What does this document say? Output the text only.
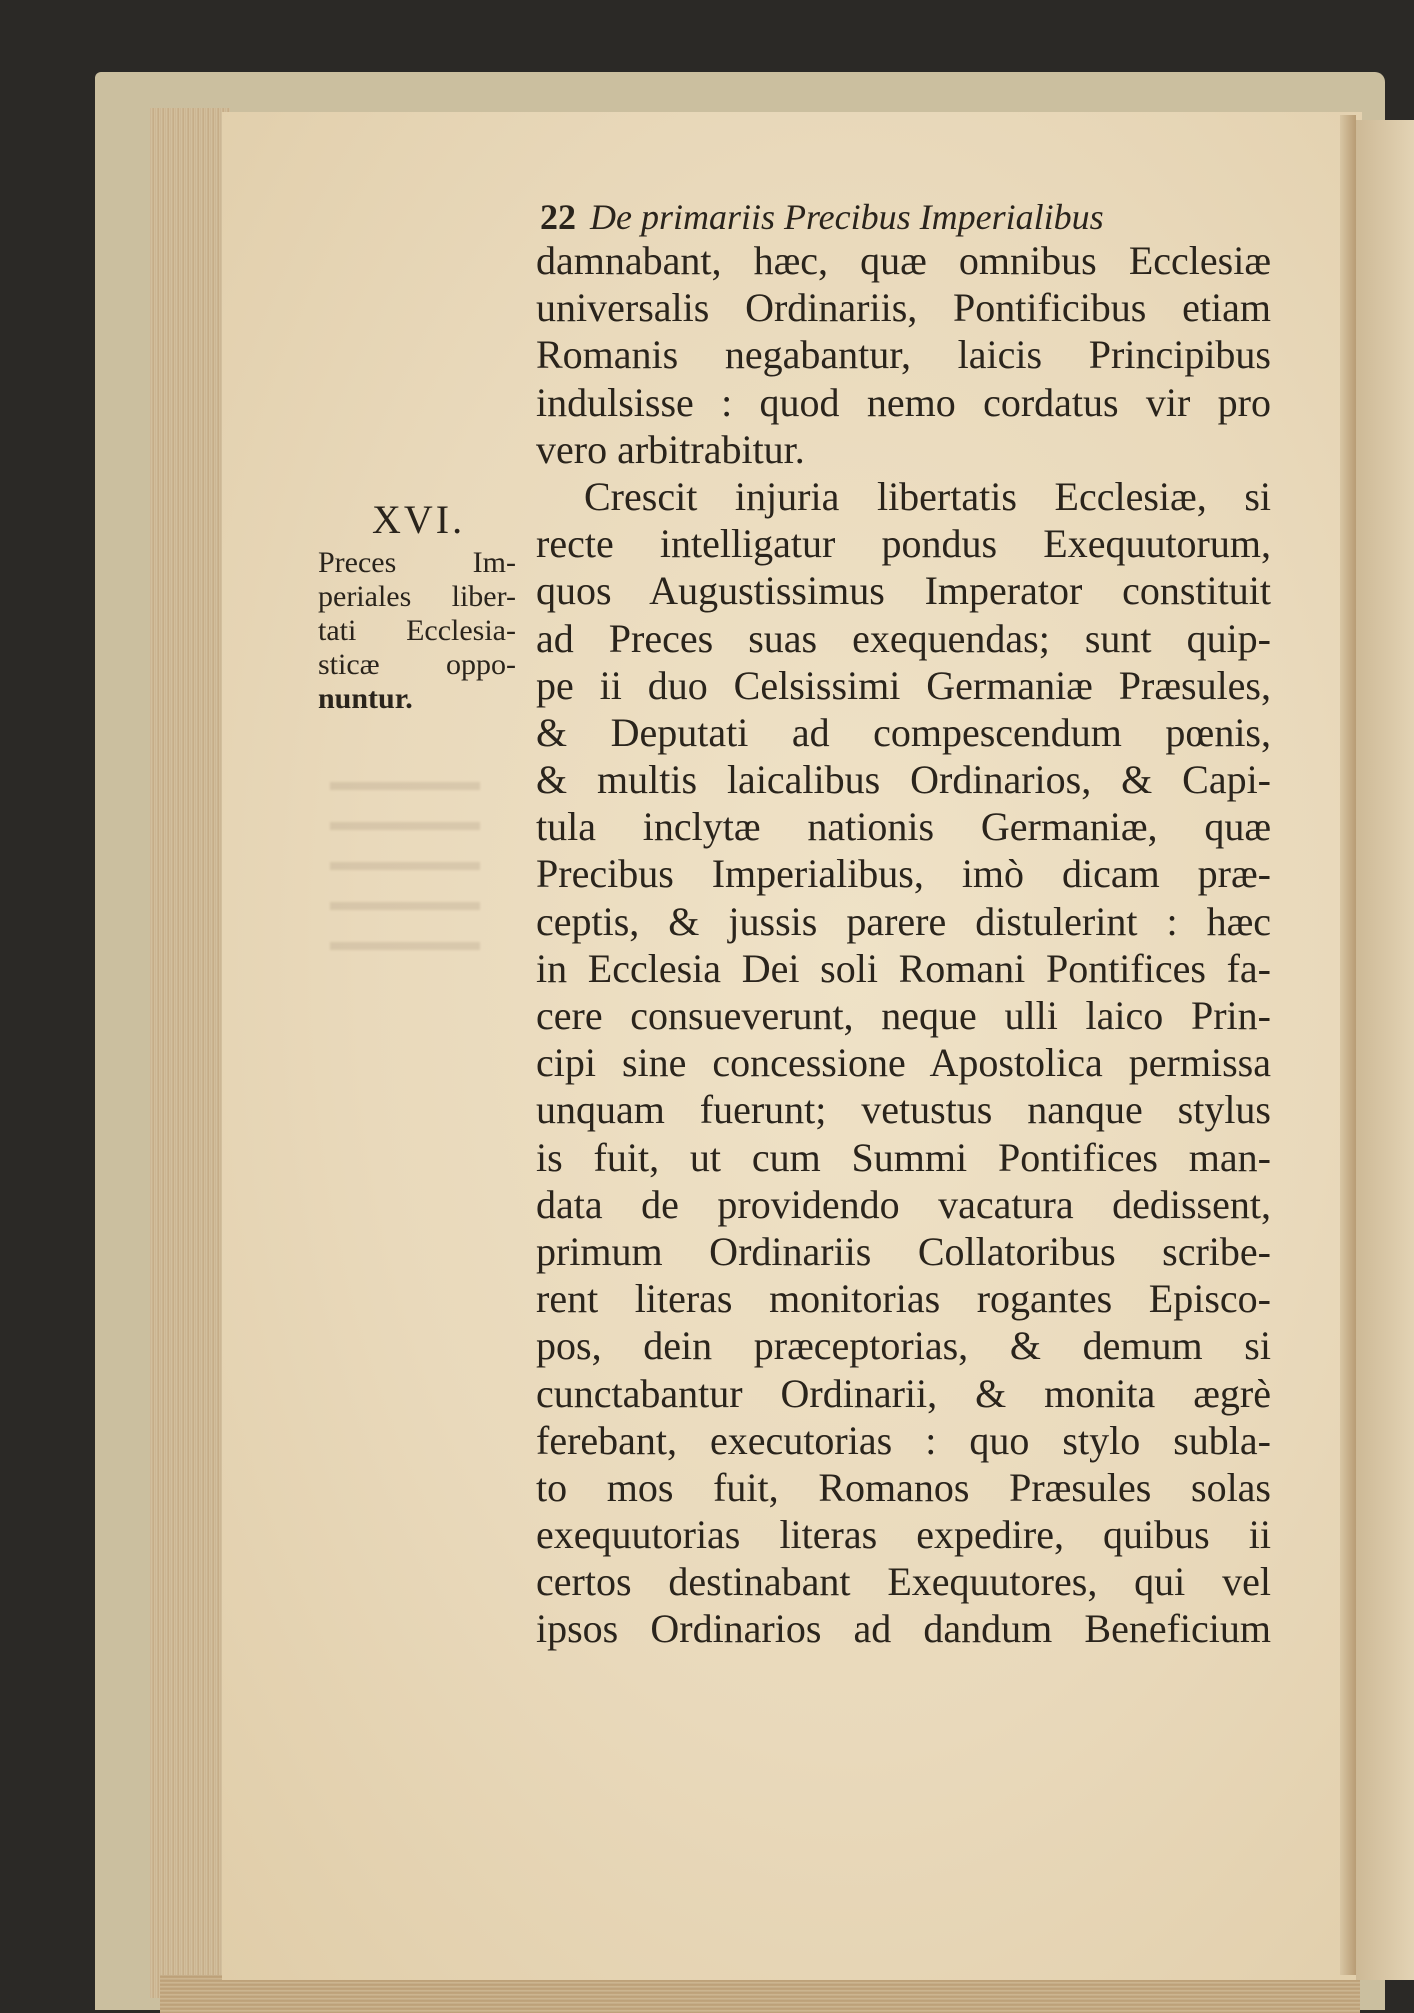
22 De primariis Precibus Imperialibus
XVI.
Preces Im-
periales liber-
tati Ecclesia-
sticæ oppo-
nuntur.
damnabant, hæc, quæ omnibus Ecclesiæ
universalis Ordinariis, Pontificibus etiam
Romanis negabantur, laicis Principibus
indulsisse : quod nemo cordatus vir pro
vero arbitrabitur.
Crescit injuria libertatis Ecclesiæ, si
recte intelligatur pondus Exequutorum,
quos Augustissimus Imperator constituit
ad Preces suas exequendas; sunt quip-
pe ii duo Celsissimi Germaniæ Præsules,
& Deputati ad compescendum pœnis,
& multis laicalibus Ordinarios, & Capi-
tula inclytæ nationis Germaniæ, quæ
Precibus Imperialibus, imò dicam præ-
ceptis, & jussis parere distulerint : hæc
in Ecclesia Dei soli Romani Pontifices fa-
cere consueverunt, neque ulli laico Prin-
cipi sine concessione Apostolica permissa
unquam fuerunt; vetustus nanque stylus
is fuit, ut cum Summi Pontifices man-
data de providendo vacatura dedissent,
primum Ordinariis Collatoribus scribe-
rent literas monitorias rogantes Episco-
pos, dein præceptorias, & demum si
cunctabantur Ordinarii, & monita ægrè
ferebant, executorias : quo stylo subla-
to mos fuit, Romanos Præsules solas
exequutorias literas expedire, quibus ii
certos destinabant Exequutores, qui vel
ipsos Ordinarios ad dandum Beneficium
